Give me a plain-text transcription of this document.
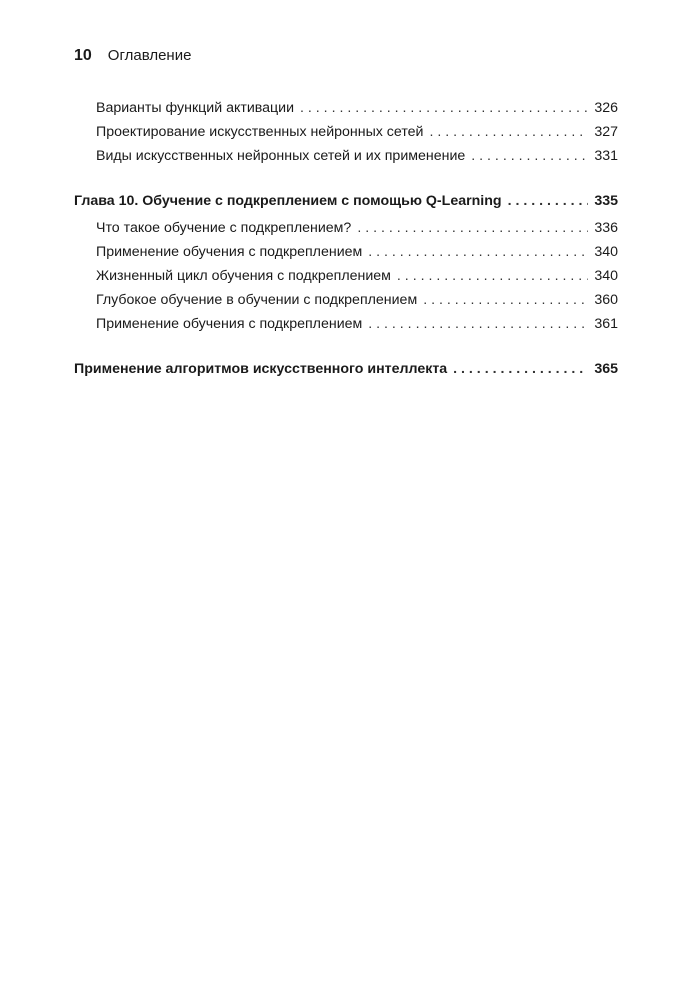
10 Оглавление
Варианты функций активации . . .	326
Проектирование искусственных нейронных сетей . . .	327
Виды искусственных нейронных сетей и их применение . . .	331
Глава 10. Обучение с подкреплением с помощью Q-Learning . . .	335
Что такое обучение с подкреплением? . . .	336
Применение обучения с подкреплением . . .	340
Жизненный цикл обучения с подкреплением . . .	340
Глубокое обучение в обучении с подкреплением . . .	360
Применение обучения с подкреплением . . .	361
Применение алгоритмов искусственного интеллекта . . .	365
